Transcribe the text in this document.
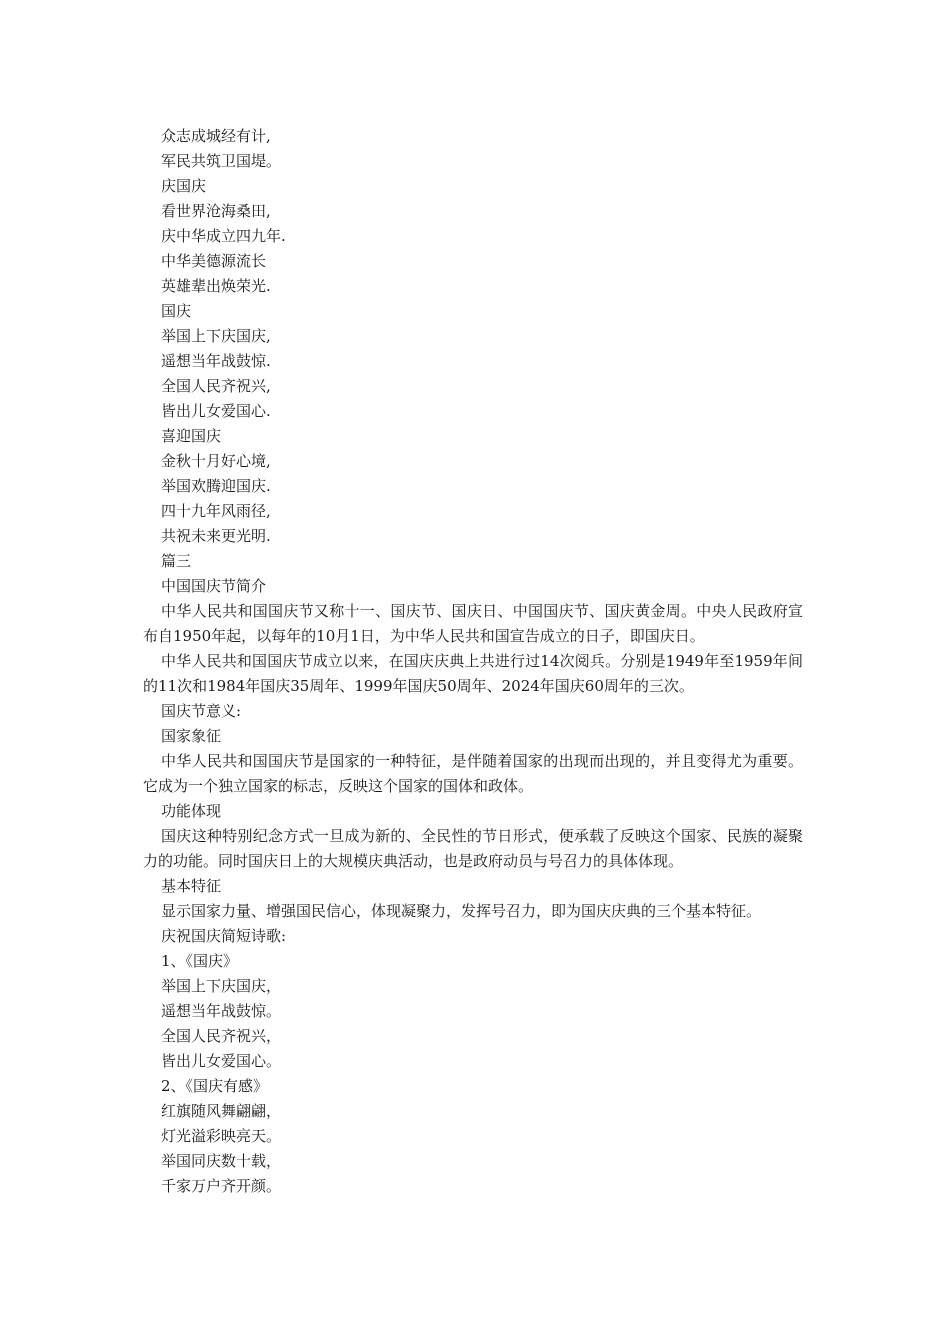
众志成城经有计,
军民共筑卫国堤。
庆国庆
看世界沧海桑田,
庆中华成立四九年.
中华美德源流长
英雄辈出焕荣光.
国庆
举国上下庆国庆,
遥想当年战鼓惊.
全国人民齐祝兴,
皆出儿女爱国心.
喜迎国庆
金秋十月好心境,
举国欢腾迎国庆.
四十九年风雨径,
共祝未来更光明.
篇三
中国国庆节简介

中华人民共和国国庆节又称十一、国庆节、国庆日、中国国庆节、国庆黄金周。中央人民政府宣布自1950年起，以每年的10月1日，为中华人民共和国宣告成立的日子，即国庆日。

中华人民共和国国庆节成立以来，在国庆庆典上共进行过14次阅兵。分别是1949年至1959年间的11次和1984年国庆35周年、1999年国庆50周年、2024年国庆60周年的三次。

国庆节意义:
国家象征

中华人民共和国国庆节是国家的一种特征，是伴随着国家的出现而出现的，并且变得尤为重要。它成为一个独立国家的标志，反映这个国家的国体和政体。

功能体现

国庆这种特别纪念方式一旦成为新的、全民性的节日形式，便承载了反映这个国家、民族的凝聚力的功能。同时国庆日上的大规模庆典活动，也是政府动员与号召力的具体体现。

基本特征

显示国家力量、增强国民信心，体现凝聚力，发挥号召力，即为国庆庆典的三个基本特征。

庆祝国庆简短诗歌:
1、《国庆》
举国上下庆国庆，
遥想当年战鼓惊。
全国人民齐祝兴，
皆出儿女爱国心。
2、《国庆有感》
红旗随风舞翩翩，
灯光溢彩映亮天。
举国同庆数十载，
千家万户齐开颜。
